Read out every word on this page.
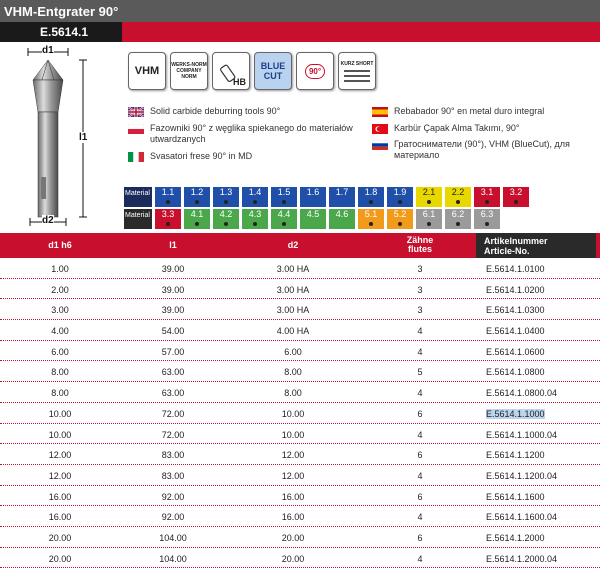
VHM-Entgrater 90°
E.5614.1
d1
l1
d2
VHM	WERKS-NORM COMPANY NORM	HB
BLUE CUT	90°
KURZ SHORT
Solid carbide deburring tools 90°
Fazowniki 90° z węglika spiekanego do materiałów utwardzanych
Svasatori frese 90° in MD
Rebabador 90° en metal duro integral
Karbür Çapak Alma Takımı, 90°
Гратоснимaтели (90°), VHM (BlueCut), для материало
Material	1.1	1.2	1.3	1.4	1.5	1.6	1.7	1.8	1.9	2.1	2.2	3.1	3.2
Material	3.3	4.1	4.2	4.3	4.4	4.5	4.6	5.1	5.2	6.1	6.2	6.3
d1 h6	l1	d2	Zähne flutes
Artikelnummer
Article-No.
1.00	39.00	3.00 HA	3	E.5614.1.0100
2.00	39.00	3.00 HA	3	E.5614.1.0200
3.00	39.00	3.00 HA	3	E.5614.1.0300
4.00	54.00	4.00 HA	4	E.5614.1.0400
6.00	57.00	6.00	4	E.5614.1.0600
8.00	63.00	8.00	5	E.5614.1.0800
8.00	63.00	8.00	4	E.5614.1.0800.04
10.00	72.00	10.00	6	E.5614.1.1000
10.00	72.00	10.00	4	E.5614.1.1000.04
12.00	83.00	12.00	6	E.5614.1.1200
12.00	83.00	12.00	4	E.5614.1.1200.04
16.00	92.00	16.00	6	E.5614.1.1600
16.00	92.00	16.00	4	E.5614.1.1600.04
20.00	104.00	20.00	6	E.5614.1.2000
20.00	104.00	20.00	4	E.5614.1.2000.04
